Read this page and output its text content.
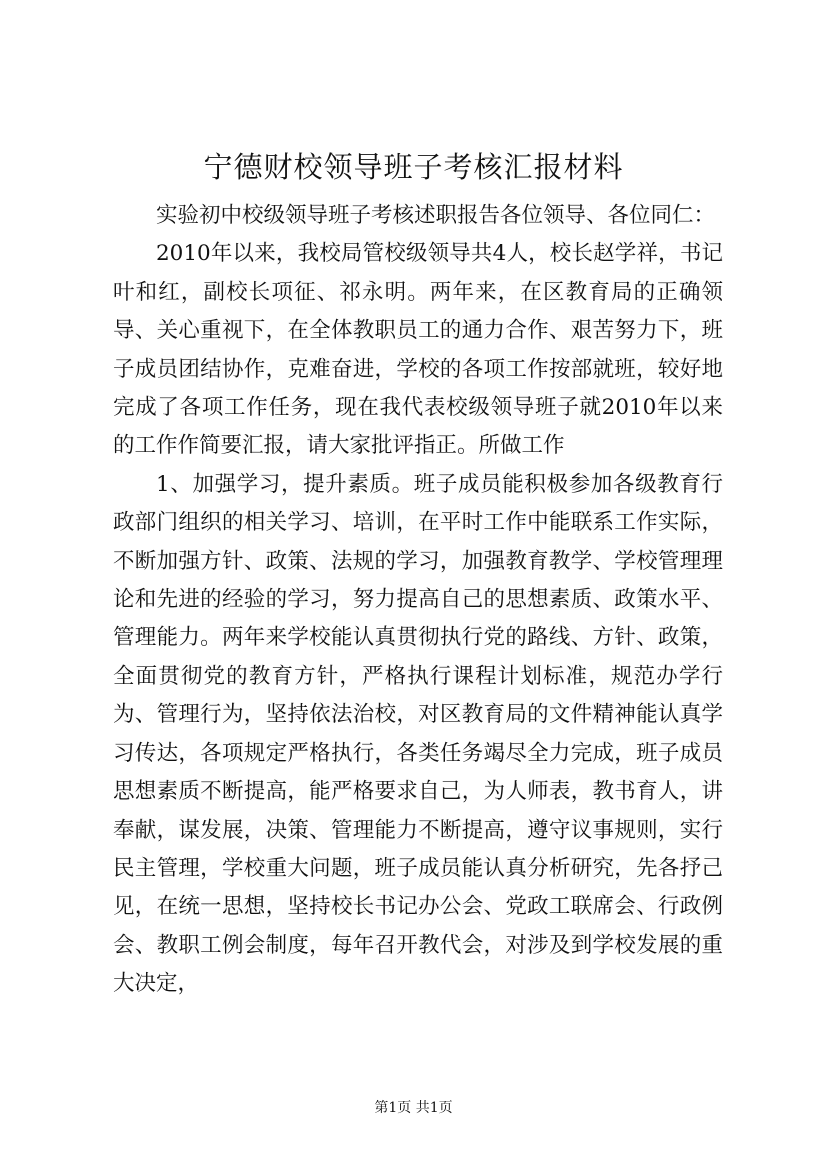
宁德财校领导班子考核汇报材料

实验初中校级领导班子考核述职报告各位领导、各位同仁：

2010年以来，我校局管校级领导共4人，校长赵学祥，书记叶和红，副校长项征、祁永明。两年来，在区教育局的正确领导、关心重视下，在全体教职员工的通力合作、艰苦努力下，班子成员团结协作，克难奋进，学校的各项工作按部就班，较好地完成了各项工作任务，现在我代表校级领导班子就2010年以来的工作作简要汇报，请大家批评指正。所做工作

1、加强学习，提升素质。班子成员能积极参加各级教育行政部门组织的相关学习、培训，在平时工作中能联系工作实际，不断加强方针、政策、法规的学习，加强教育教学、学校管理理论和先进的经验的学习，努力提高自己的思想素质、政策水平、管理能力。两年来学校能认真贯彻执行党的路线、方针、政策，全面贯彻党的教育方针，严格执行课程计划标准，规范办学行为、管理行为，坚持依法治校，对区教育局的文件精神能认真学习传达，各项规定严格执行，各类任务竭尽全力完成，班子成员思想素质不断提高，能严格要求自己，为人师表，教书育人，讲奉献，谋发展，决策、管理能力不断提高，遵守议事规则，实行民主管理，学校重大问题，班子成员能认真分析研究，先各抒己见，在统一思想，坚持校长书记办公会、党政工联席会、行政例会、教职工例会制度，每年召开教代会，对涉及到学校发展的重大决定，

第1页 共1页
